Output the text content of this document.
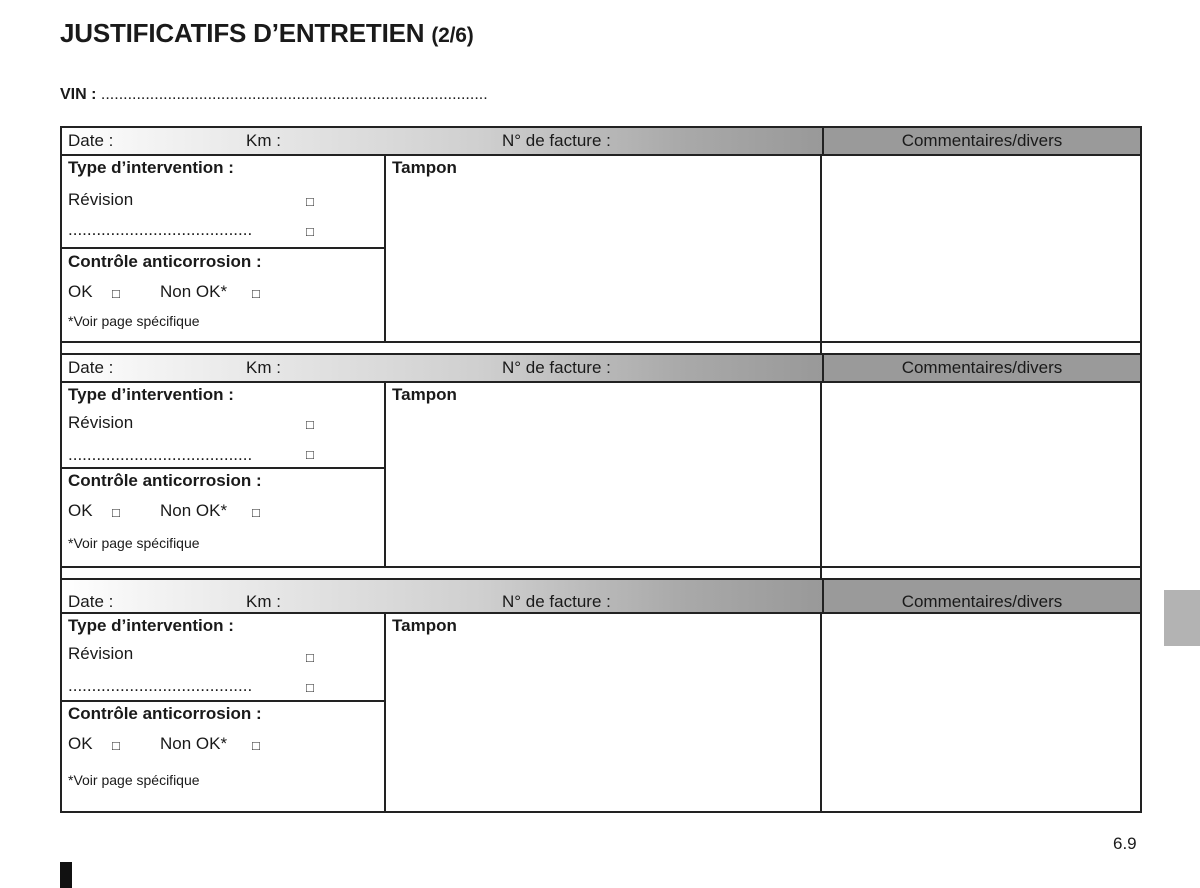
JUSTIFICATIFS D’ENTRETIEN (2/6)
VIN : .......................................................................................
Date :	Km :	N° de facture :	Commentaires/divers
Type d’intervention :
Révision	□
.......................................	□
Contrôle anticorrosion :
OK □ Non OK* □
*Voir page spécifique
Tampon
Date :	Km :	N° de facture :	Commentaires/divers
Type d’intervention :
Révision	□
.......................................	□
Contrôle anticorrosion :
OK □ Non OK* □
*Voir page spécifique
Tampon
Date :	Km :	N° de facture :	Commentaires/divers
Type d’intervention :
Révision	□
.......................................	□
Contrôle anticorrosion :
OK □ Non OK* □
*Voir page spécifique
Tampon
6.9
